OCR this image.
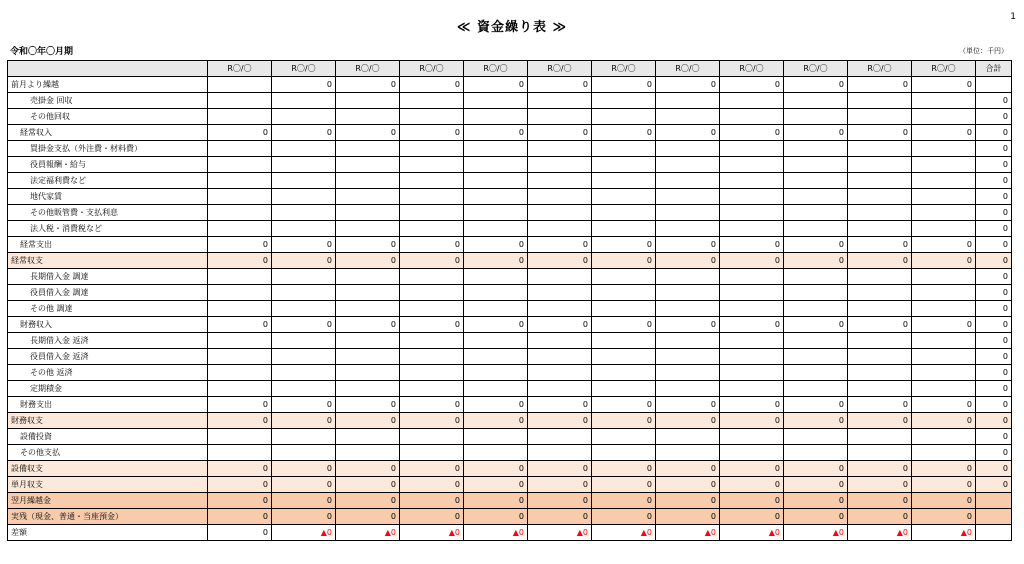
1
≪ 資金繰り表 ≫
令和〇年〇月期	（単位：千円）
	R〇/〇	R〇/〇	R〇/〇	R〇/〇	R〇/〇	R〇/〇	R〇/〇	R〇/〇	R〇/〇	R〇/〇	R〇/〇	R〇/〇	合計
前月より繰越		0	0	0	0	0	0	0	0	0	0	0	
売掛金 回収													0
その他回収													0
経常収入	0	0	0	0	0	0	0	0	0	0	0	0	0
買掛金支払（外注費・材料費）													0
役員報酬・給与													0
法定福利費など													0
地代家賃													0
その他販管費・支払利息													0
法人税・消費税など													0
経常支出	0	0	0	0	0	0	0	0	0	0	0	0	0
経常収支	0	0	0	0	0	0	0	0	0	0	0	0	0
長期借入金 調達													0
役員借入金 調達													0
その他 調達													0
財務収入	0	0	0	0	0	0	0	0	0	0	0	0	0
長期借入金 返済													0
役員借入金 返済													0
その他 返済													0
定期積金													0
財務支出	0	0	0	0	0	0	0	0	0	0	0	0	0
財務収支	0	0	0	0	0	0	0	0	0	0	0	0	0
設備投資													0
その他支払													0
設備収支	0	0	0	0	0	0	0	0	0	0	0	0	0
単月収支	0	0	0	0	0	0	0	0	0	0	0	0	0
翌月繰越金	0	0	0	0	0	0	0	0	0	0	0	0	
実残（現金、普通・当座預金）	0	0	0	0	0	0	0	0	0	0	0	0	
差額	0	▲0	▲0	▲0	▲0	▲0	▲0	▲0	▲0	▲0	▲0	▲0	
